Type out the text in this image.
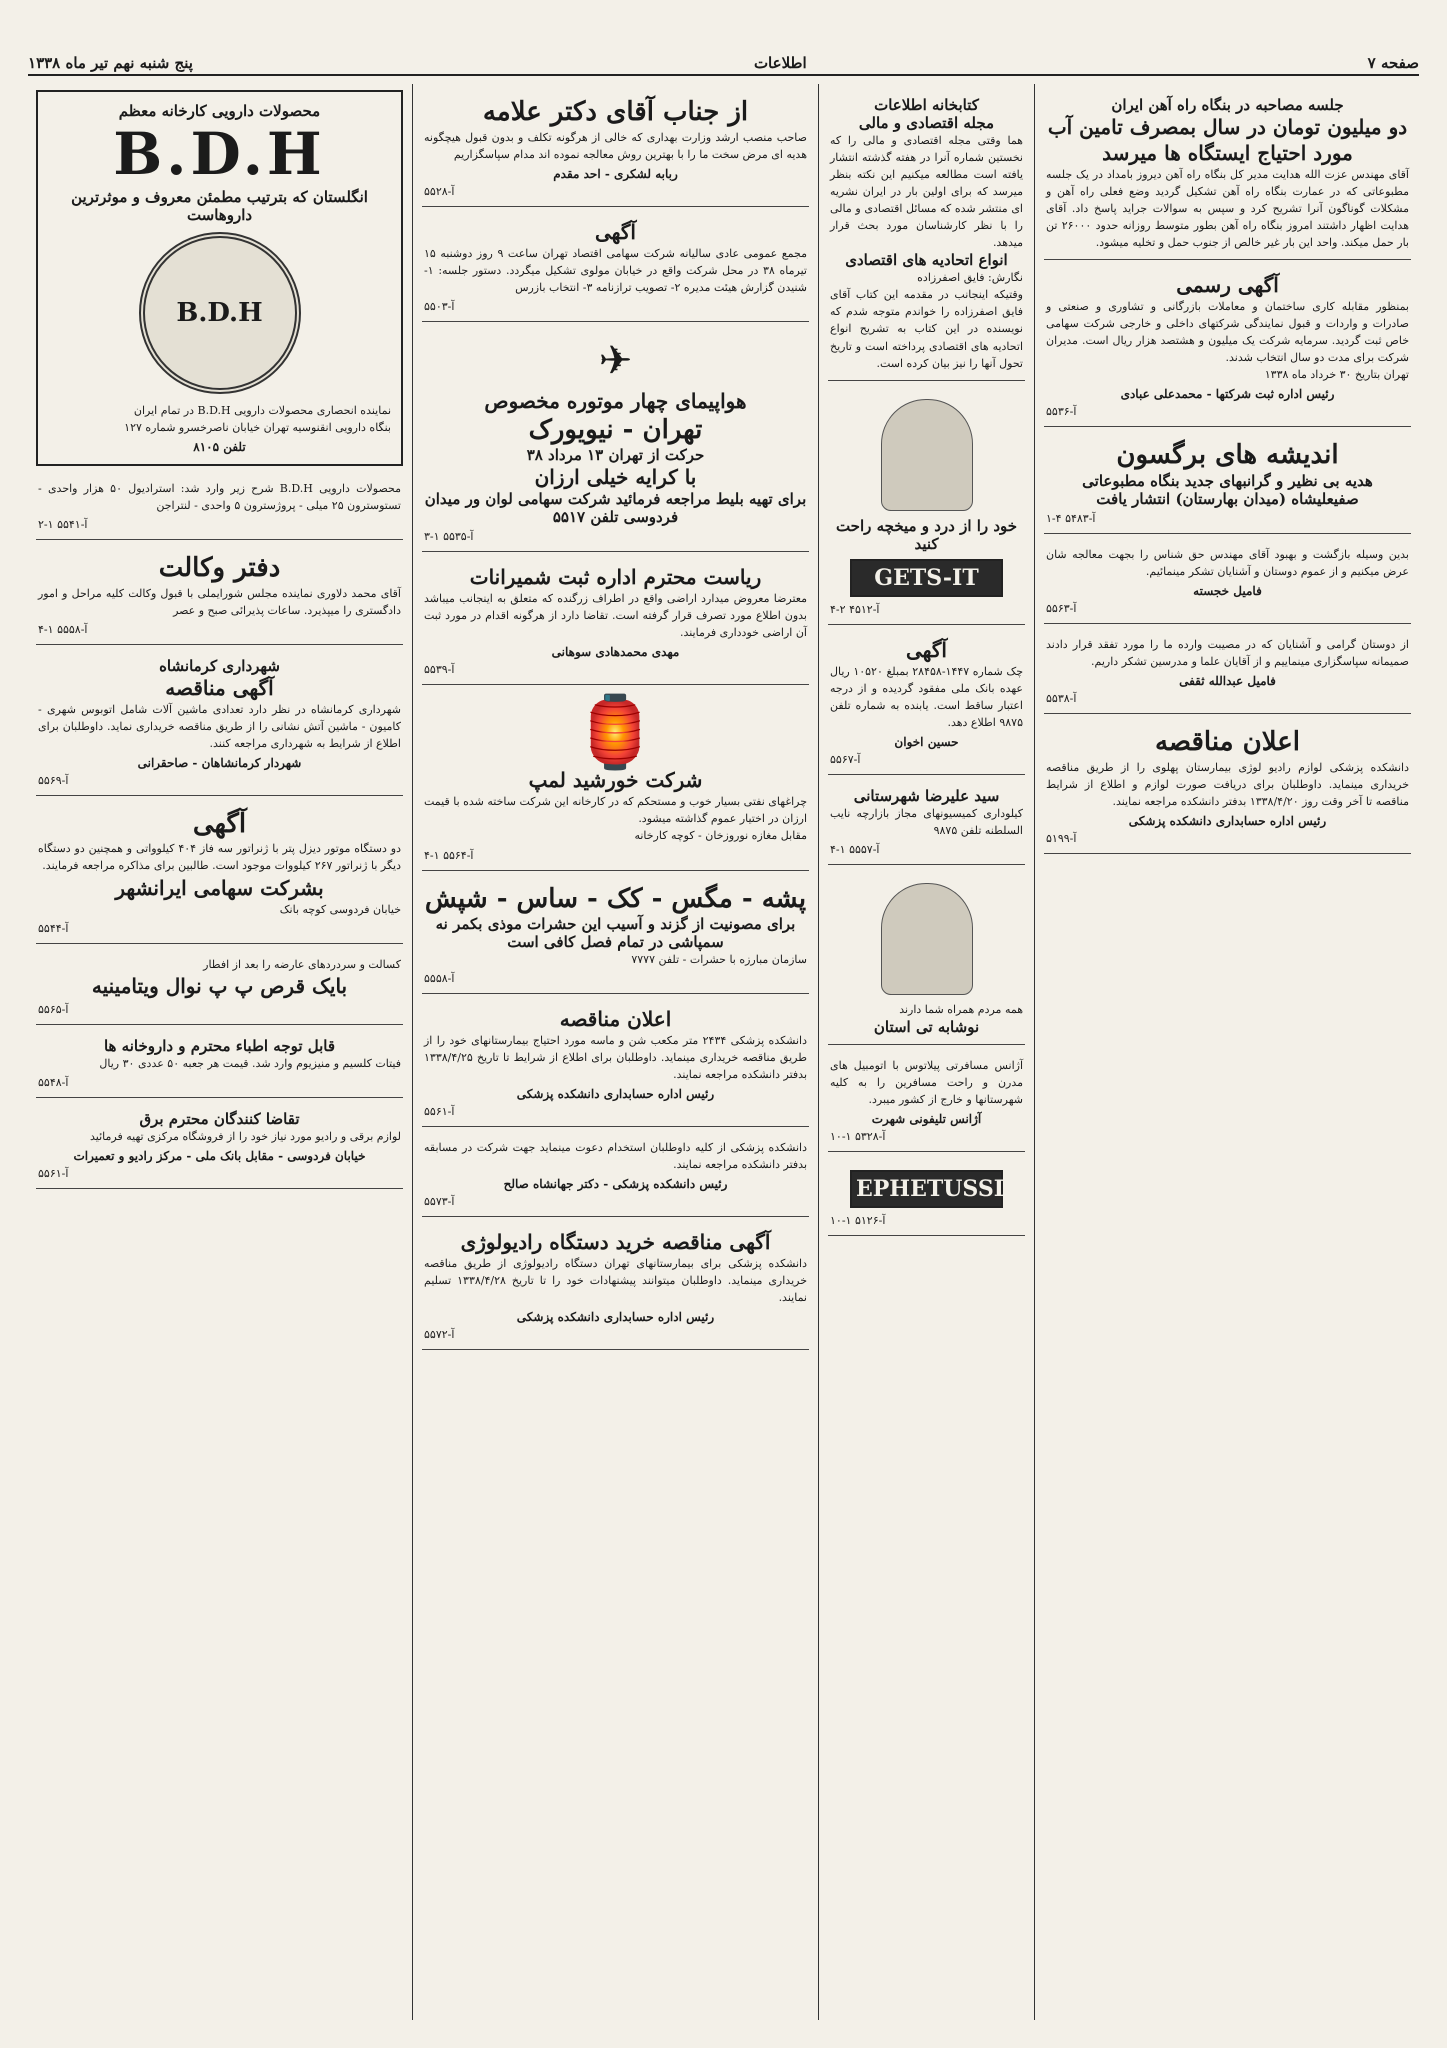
صفحه ۷
اطلاعات
پنج شنبه نهم تیر ماه ۱۳۳۸
جلسه مصاحبه در بنگاه راه آهن ایران
دو میلیون تومان در سال بمصرف تامین آب مورد احتیاج ایستگاه ها میرسد
آقای مهندس عزت الله هدایت مدیر کل بنگاه راه آهن دیروز بامداد در یک جلسه مطبوعاتی که در عمارت بنگاه راه آهن تشکیل گردید وضع فعلی راه آهن و مشکلات گوناگون آنرا تشریح کرد و سپس به سوالات جراید پاسخ داد. آقای هدایت اظهار داشتند امروز بنگاه راه آهن بطور متوسط روزانه حدود ۲۶۰۰۰ تن بار حمل میکند. واحد این بار غیر خالص از جنوب حمل و تخلیه میشود.
آگهی رسمی
بمنظور مقابله کاری ساختمان و معاملات بازرگانی و تشاوری و صنعتی و صادرات و واردات و قبول نمایندگی شرکتهای داخلی و خارجی شرکت سهامی خاص ثبت گردید. سرمایه شرکت یک میلیون و هشتصد هزار ریال است. مدیران شرکت برای مدت دو سال انتخاب شدند.
تهران بتاریخ ۳۰ خرداد ماه ۱۳۳۸
رئیس اداره ثبت شرکتها - محمدعلی عبادی
آ-۵۵۳۶
اندیشه های برگسون
هدیه بی نظیر و گرانبهای جدید بنگاه مطبوعاتی صفیعلیشاه (میدان بهارستان) انتشار یافت
آ-۵۴۸۳ ۴-۱
بدین وسیله بازگشت و بهبود آقای مهندس حق شناس را بجهت معالجه شان عرض میکنیم و از عموم دوستان و آشنایان تشکر مینمائیم.
فامیل خجسته
آ-۵۵۶۳
از دوستان گرامی و آشنایان که در مصیبت وارده ما را مورد تفقد قرار دادند صمیمانه سپاسگزاری مینماییم و از آقایان علما و مدرسین تشکر داریم.
فامیل عبدالله ثقفی
آ-۵۵۳۸
اعلان مناقصه
دانشکده پزشکی لوازم رادیو لوژی بیمارستان پهلوی را از طریق مناقصه خریداری مینماید. داوطلبان برای دریافت صورت لوازم و اطلاع از شرایط مناقصه تا آخر وقت روز ۱۳۳۸/۴/۲۰ بدفتر دانشکده مراجعه نمایند.
رئیس اداره حسابداری دانشکده پزشکی
آ-۵۱۹۹
کتابخانه اطلاعات
مجله اقتصادی و مالی
هما وقتی مجله اقتصادی و مالی را که نخستین شماره آنرا در هفته گذشته انتشار یافته است مطالعه میکنیم این نکته بنظر میرسد که برای اولین بار در ایران نشریه ای منتشر شده که مسائل اقتصادی و مالی را با نظر کارشناسان مورد بحث قرار میدهد.
انواع اتحادیه های اقتصادی
نگارش: فایق اصفرزاده
وقتیکه اینجانب در مقدمه این کتاب آقای فایق اصفرزاده را خواندم متوجه شدم که نویسنده در این کتاب به تشریح انواع اتحادیه های اقتصادی پرداخته است و تاریخ تحول آنها را نیز بیان کرده است.
خود را از درد و میخچه راحت کنید
GETS-IT
آ-۴۵۱۲ ۲-۴
آگهی
چک شماره ۱۴۴۷-۲۸۴۵۸ بمبلغ ۱۰۵۲۰ ریال عهده بانک ملی مفقود گردیده و از درجه اعتبار ساقط است. یابنده به شماره تلفن ۹۸۷۵ اطلاع دهد.
حسین اخوان
آ-۵۵۶۷
سید علیرضا شهرستانی
کیلوداری کمیسیونهای مجاز بازارچه نایب السلطنه تلفن ۹۸۷۵
آ-۵۵۵۷ ۱-۴
همه مردم همراه شما دارند
نوشابه تی استان
آژانس مسافرتی پیلاتوس با اتومبیل های مدرن و راحت مسافرین را به کلیه شهرستانها و خارج از کشور میبرد.
آژانس تلیفونی شهرت
آ-۵۳۲۸ ۱-۱۰
EPHETUSSIN
آ-۵۱۲۶ ۱-۱۰
از جناب آقای دکتر علامه
صاحب منصب ارشد وزارت بهداری که خالی از هرگونه تکلف و بدون قبول هیچگونه هدیه ای مرض سخت ما را با بهترین روش معالجه نموده اند مدام سپاسگزاریم
ربابه لشکری - احد مقدم
آ-۵۵۲۸
آگهی
مجمع عمومی عادی سالیانه شرکت سهامی اقتصاد تهران ساعت ۹ روز دوشنبه ۱۵ تیرماه ۳۸ در محل شرکت واقع در خیابان مولوی تشکیل میگردد. دستور جلسه: ۱- شنیدن گزارش هیئت مدیره ۲- تصویب ترازنامه ۳- انتخاب بازرس
آ-۵۵۰۳
✈
هواپیمای چهار موتوره مخصوص
تهران - نیویورک
حرکت از تهران ۱۳ مرداد ۳۸
با کرایه خیلی ارزان
برای تهیه بلیط مراجعه فرمائید شرکت سهامی لوان ور میدان فردوسی تلفن ۵۵۱۷
آ-۵۵۳۵ ۱-۳
ریاست محترم اداره ثبت شمیرانات
معترضا معروض میدارد اراضی واقع در اطراف زرگنده که متعلق به اینجانب میباشد بدون اطلاع مورد تصرف قرار گرفته است. تقاضا دارد از هرگونه اقدام در مورد ثبت آن اراضی خودداری فرمایند.
مهدی محمدهادی سوهانی
آ-۵۵۳۹
🏮
شرکت خورشید لمپ
چراغهای نفتی بسیار خوب و مستحکم که در کارخانه این شرکت ساخته شده با قیمت ارزان در اختیار عموم گذاشته میشود.
مقابل مغازه نوروزخان - کوچه کارخانه
آ-۵۵۶۴ ۱-۴
پشه - مگس - کک - ساس - شپش
برای مصونیت از گزند و آسیب این حشرات موذی بکمر نه سمپاشی در تمام فصل کافی است
سازمان مبارزه با حشرات - تلفن ۷۷۷۷
آ-۵۵۵۸
اعلان مناقصه
دانشکده پزشکی ۲۴۳۴ متر مکعب شن و ماسه مورد احتیاج بیمارستانهای خود را از طریق مناقصه خریداری مینماید. داوطلبان برای اطلاع از شرایط تا تاریخ ۱۳۳۸/۴/۲۵ بدفتر دانشکده مراجعه نمایند.
رئیس اداره حسابداری دانشکده پزشکی
آ-۵۵۶۱
دانشکده پزشکی از کلیه داوطلبان استخدام دعوت مینماید جهت شرکت در مسابقه بدفتر دانشکده مراجعه نمایند.
رئیس دانشکده پزشکی - دکتر جهانشاه صالح
آ-۵۵۷۳
آگهی مناقصه خرید دستگاه رادیولوژی
دانشکده پزشکی برای بیمارستانهای تهران دستگاه رادیولوژی از طریق مناقصه خریداری مینماید. داوطلبان میتوانند پیشنهادات خود را تا تاریخ ۱۳۳۸/۴/۲۸ تسلیم نمایند.
رئیس اداره حسابداری دانشکده پزشکی
آ-۵۵۷۲
محصولات دارویی کارخانه معظم
B.D.H
انگلستان که بترتیب مطمئن معروف و موثرترین داروهاست
B.D.H
نماینده انحصاری محصولات دارویی B.D.H در تمام ایران
بنگاه دارویی انقنوسیه تهران خیابان ناصرخسرو شماره ۱۲۷
تلفن ۸۱۰۵
محصولات دارویی B.D.H شرح زیر وارد شد: استرادیول ۵۰ هزار واحدی - تستوسترون ۲۵ میلی - پروژسترون ۵ واحدی - لنتراجن
آ-۵۵۴۱ ۱-۲
دفتر وکالت
آقای محمد دلاوری نماینده مجلس شورایملی با قبول وکالت کلیه مراحل و امور دادگستری را میپذیرد. ساعات پذیرائی صبح و عصر
آ-۵۵۵۸ ۱-۴
شهرداری کرمانشاه
آگهی مناقصه
شهرداری کرمانشاه در نظر دارد تعدادی ماشین آلات شامل اتوبوس شهری - کامیون - ماشین آتش نشانی را از طریق مناقصه خریداری نماید. داوطلبان برای اطلاع از شرایط به شهرداری مراجعه کنند.
شهردار کرمانشاهان - صاحقرانی
آ-۵۵۶۹
آگهی
دو دستگاه موتور دیزل پتر با ژنراتور سه فاز ۴۰۴ کیلوواتی و همچنین دو دستگاه دیگر با ژنراتور ۲۶۷ کیلووات موجود است. طالبین برای مذاکره مراجعه فرمایند.
بشرکت سهامی ایرانشهر
خیابان فردوسی کوچه بانک
آ-۵۵۴۴
کسالت و سردردهای عارضه را بعد از افطار
بایک قرص پ پ نوال ویتامینیه
آ-۵۵۶۵
قابل توجه اطباء محترم و داروخانه ها
فیتات کلسیم و منیزیوم وارد شد. قیمت هر جعبه ۵۰ عددی ۳۰ ریال
آ-۵۵۴۸
تقاضا کنندگان محترم برق
لوازم برقی و رادیو مورد نیاز خود را از فروشگاه مرکزی تهیه فرمائید
خیابان فردوسی - مقابل بانک ملی - مرکز رادیو و تعمیرات
آ-۵۵۶۱
